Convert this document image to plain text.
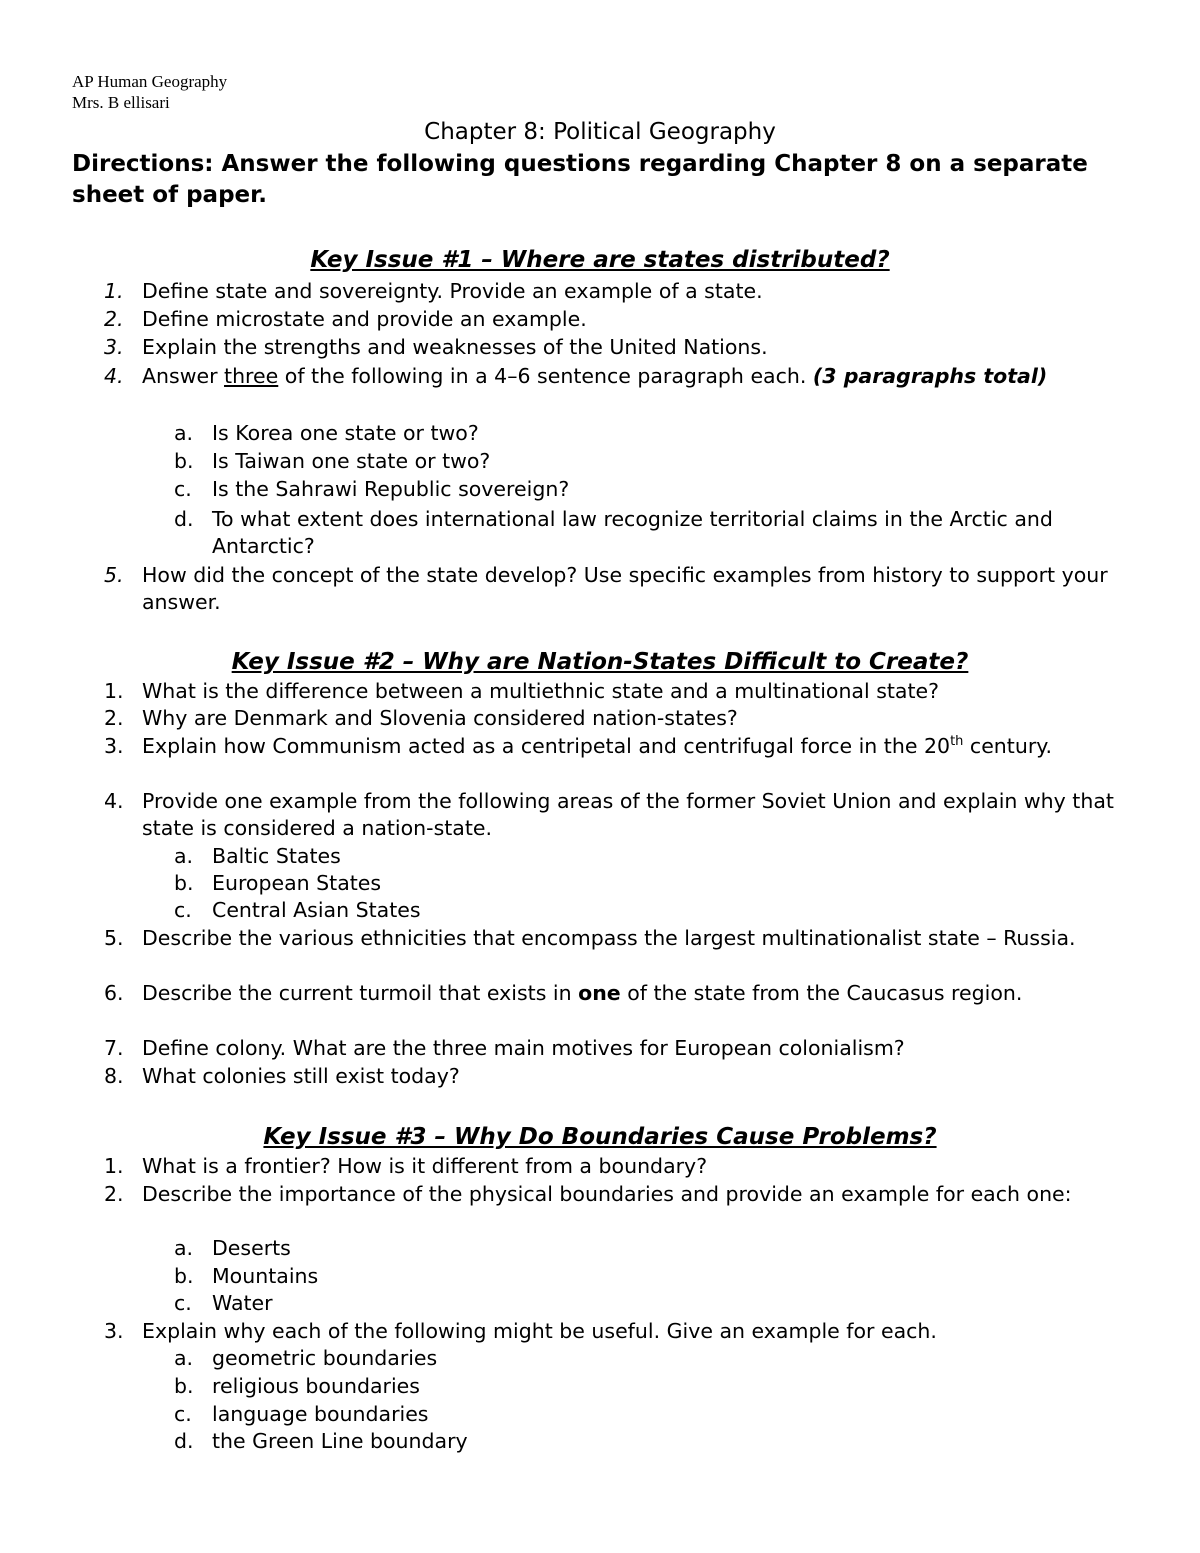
AP Human Geography
Mrs. B ellisari
Chapter 8: Political Geography
Directions: Answer the following questions regarding Chapter 8 on a separate sheet of paper.
Key Issue #1 – Where are states distributed?
1. Define state and sovereignty. Provide an example of a state.
2. Define microstate and provide an example.
3. Explain the strengths and weaknesses of the United Nations.
4. Answer three of the following in a 4–6 sentence paragraph each. (3 paragraphs total)
a. Is Korea one state or two?
b. Is Taiwan one state or two?
c. Is the Sahrawi Republic sovereign?
d. To what extent does international law recognize territorial claims in the Arctic and Antarctic?
5. How did the concept of the state develop? Use specific examples from history to support your answer.
Key Issue #2 – Why are Nation-States Difficult to Create?
1. What is the difference between a multiethnic state and a multinational state?
2. Why are Denmark and Slovenia considered nation-states?
3. Explain how Communism acted as a centripetal and centrifugal force in the 20th century.
4. Provide one example from the following areas of the former Soviet Union and explain why that state is considered a nation-state.
a. Baltic States
b. European States
c. Central Asian States
5. Describe the various ethnicities that encompass the largest multinationalist state – Russia.
6. Describe the current turmoil that exists in one of the state from the Caucasus region.
7. Define colony. What are the three main motives for European colonialism?
8. What colonies still exist today?
Key Issue #3 – Why Do Boundaries Cause Problems?
1. What is a frontier? How is it different from a boundary?
2. Describe the importance of the physical boundaries and provide an example for each one:
a. Deserts
b. Mountains
c. Water
3. Explain why each of the following might be useful. Give an example for each.
a. geometric boundaries
b. religious boundaries
c. language boundaries
d. the Green Line boundary
